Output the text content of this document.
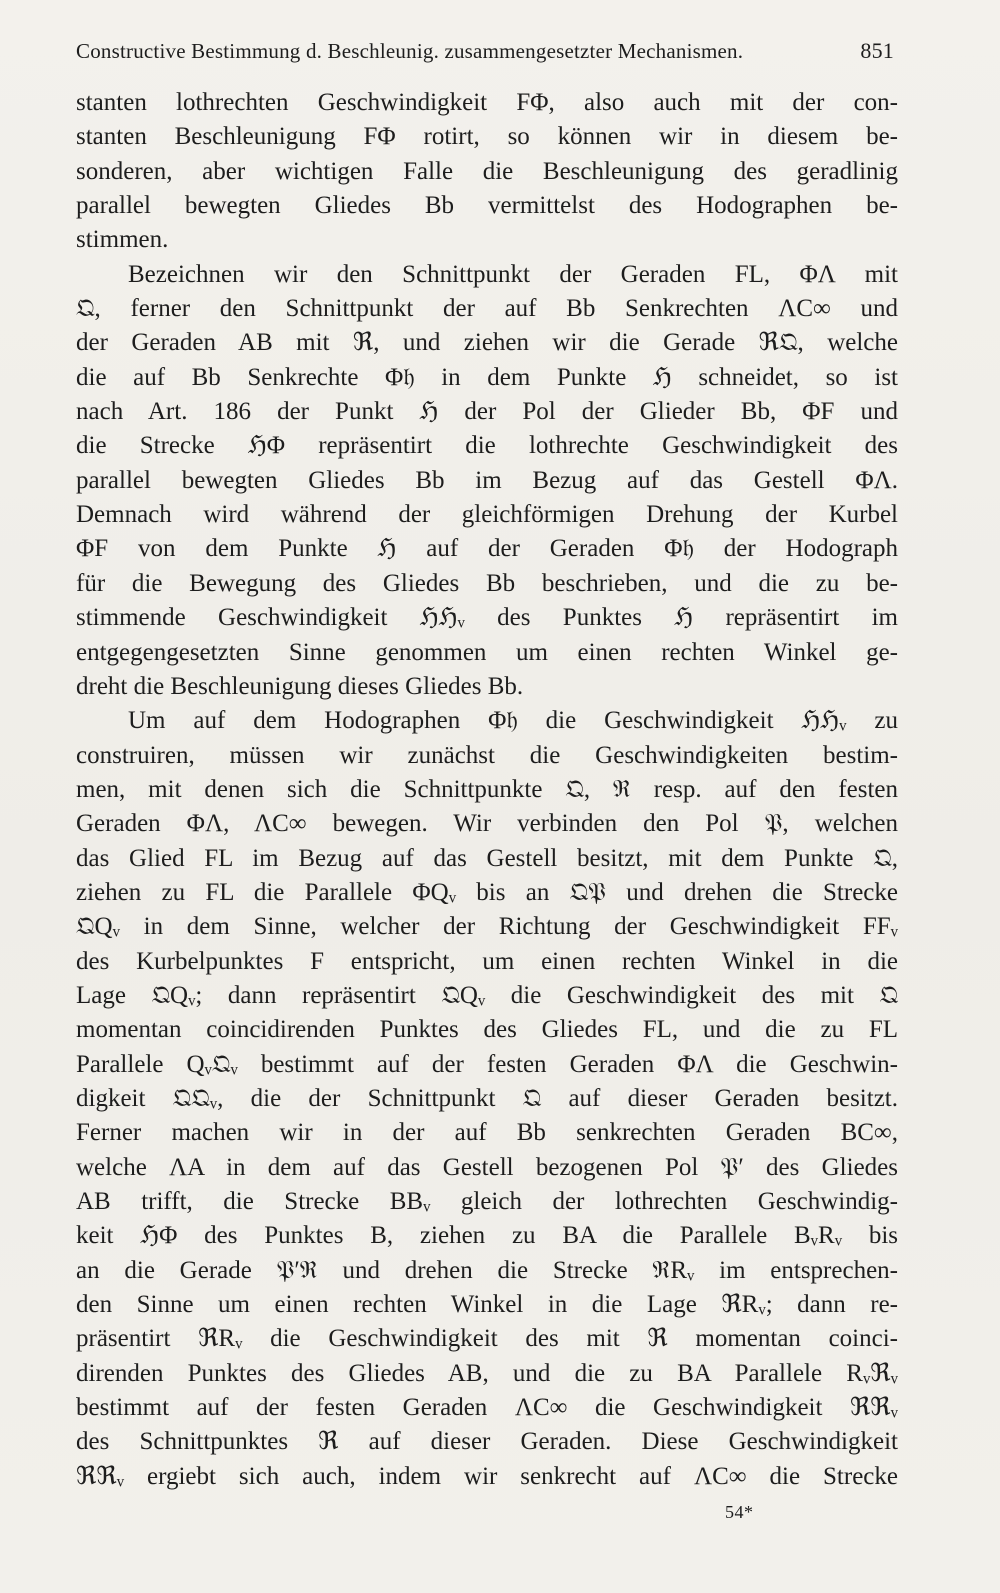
Constructive Bestimmung d. Beschleunig. zusammengesetzter Mechanismen.	851
stanten lothrechten Geschwindigkeit FΦ, also auch mit der con-
stanten Beschleunigung FΦ rotirt, so können wir in diesem be-
sonderen, aber wichtigen Falle die Beschleunigung des geradlinig
parallel bewegten Gliedes Bb vermittelst des Hodographen be-
stimmen.
Bezeichnen wir den Schnittpunkt der Geraden FL, ΦΛ mit
𝔔, ferner den Schnittpunkt der auf Bb Senkrechten ΛC∞ und
der Geraden AB mit ℜ, und ziehen wir die Gerade ℜ𝔔, welche
die auf Bb Senkrechte Φ𝔥 in dem Punkte ℌ schneidet, so ist
nach Art. 186 der Punkt ℌ der Pol der Glieder Bb, ΦF und
die Strecke ℌΦ repräsentirt die lothrechte Geschwindigkeit des
parallel bewegten Gliedes Bb im Bezug auf das Gestell ΦΛ.
Demnach wird während der gleichförmigen Drehung der Kurbel
ΦF von dem Punkte ℌ auf der Geraden Φ𝔥 der Hodograph
für die Bewegung des Gliedes Bb beschrieben, und die zu be-
stimmende Geschwindigkeit ℌℌᵥ des Punktes ℌ repräsentirt im
entgegengesetzten Sinne genommen um einen rechten Winkel ge-
dreht die Beschleunigung dieses Gliedes Bb.
Um auf dem Hodographen Φ𝔥 die Geschwindigkeit ℌℌᵥ zu
construiren, müssen wir zunächst die Geschwindigkeiten bestim-
men, mit denen sich die Schnittpunkte 𝔔, ℜ resp. auf den festen
Geraden ΦΛ, ΛC∞ bewegen. Wir verbinden den Pol 𝔓, welchen
das Glied FL im Bezug auf das Gestell besitzt, mit dem Punkte 𝔔,
ziehen zu FL die Parallele ΦQᵥ bis an 𝔔𝔓 und drehen die Strecke
𝔔Qᵥ in dem Sinne, welcher der Richtung der Geschwindigkeit FFᵥ
des Kurbelpunktes F entspricht, um einen rechten Winkel in die
Lage 𝔔Qᵥ; dann repräsentirt 𝔔Qᵥ die Geschwindigkeit des mit 𝔔
momentan coincidirenden Punktes des Gliedes FL, und die zu FL
Parallele Qᵥ𝔔ᵥ bestimmt auf der festen Geraden ΦΛ die Geschwin-
digkeit 𝔔𝔔ᵥ, die der Schnittpunkt 𝔔 auf dieser Geraden besitzt.
Ferner machen wir in der auf Bb senkrechten Geraden BC∞,
welche ΛA in dem auf das Gestell bezogenen Pol 𝔓′ des Gliedes
AB trifft, die Strecke BBᵥ gleich der lothrechten Geschwindig-
keit ℌΦ des Punktes B, ziehen zu BA die Parallele BᵥRᵥ bis
an die Gerade 𝔓′ℜ und drehen die Strecke ℜRᵥ im entsprechen-
den Sinne um einen rechten Winkel in die Lage ℜRᵥ; dann re-
präsentirt ℜRᵥ die Geschwindigkeit des mit ℜ momentan coinci-
direnden Punktes des Gliedes AB, und die zu BA Parallele Rᵥℜᵥ
bestimmt auf der festen Geraden ΛC∞ die Geschwindigkeit ℜℜᵥ
des Schnittpunktes ℜ auf dieser Geraden. Diese Geschwindigkeit
ℜℜᵥ ergiebt sich auch, indem wir senkrecht auf ΛC∞ die Strecke
54*
